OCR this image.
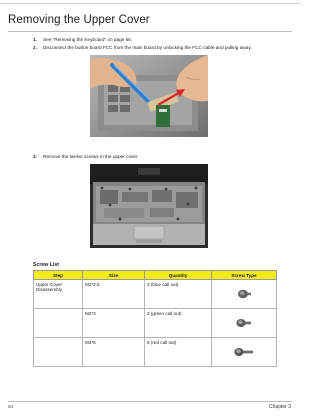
Removing the Upper Cover
1. See “Removing the Keyboard” on page 56.
2. Disconnect the button board FCC from the main board by unlocking the FCC cable and pulling away.
3. Remove the twelve screws in the upper cover.
Screw List
Step	Size	Quantity	Screw Type
Upper Cover Disassembly	M2*2.5	3 (blue call out)	
	M2*3	3 (green call out)	
	M2*5	6 (red call out)	
54	Chapter 3
